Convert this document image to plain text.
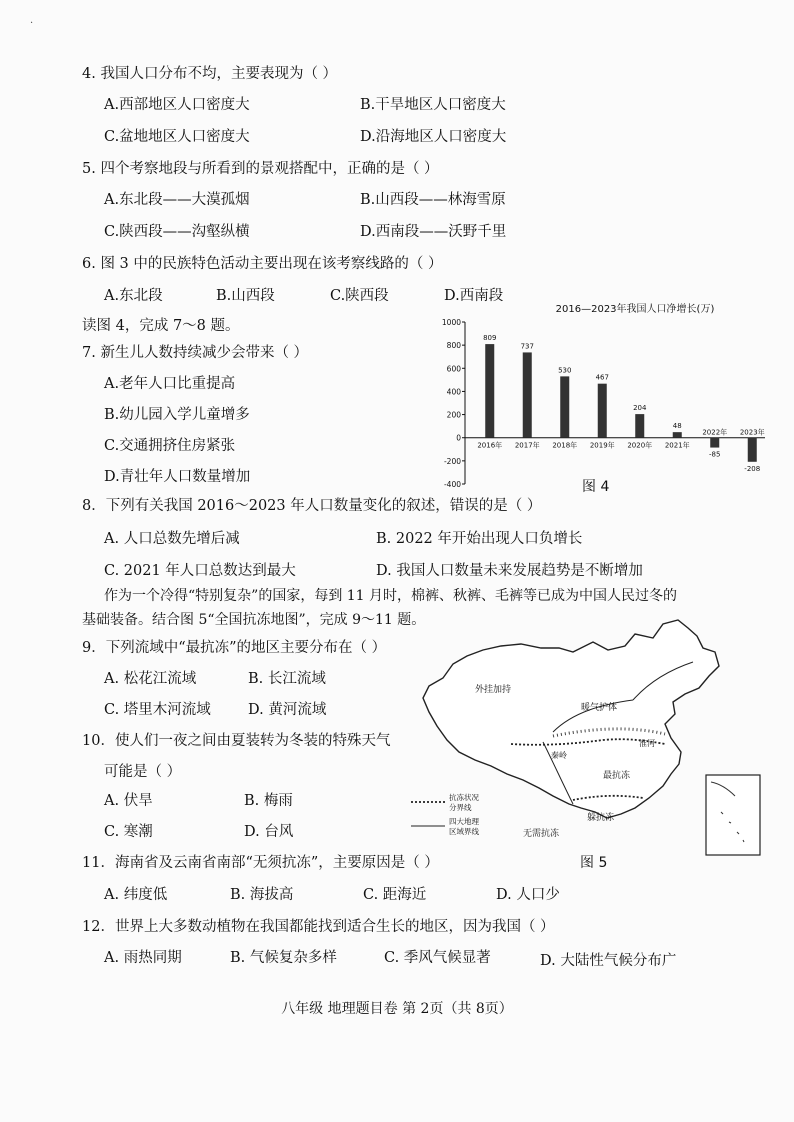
·
4. 我国人口分布不均，主要表现为（ ）
A.西部地区人口密度大	B.干旱地区人口密度大
C.盆地地区人口密度大	D.沿海地区人口密度大
5. 四个考察地段与所看到的景观搭配中，正确的是（ ）
A.东北段——大漠孤烟	B.山西段——林海雪原
C.陕西段——沟壑纵横	D.西南段——沃野千里
6. 图 3 中的民族特色活动主要出现在该考察线路的（ ）
A.东北段	B.山西段	C.陕西段	D.西南段
读图 4，完成 7～8 题。
7. 新生儿人数持续减少会带来（ ）
A.老年人口比重提高
B.幼儿园入学儿童增多
C.交通拥挤住房紧张
D.青壮年人口数量增加
2016—2023年我国人口净增长(万)
1000
800
600
400
200
0
-200
-400
809
2016年
737
2017年
530
2018年
467
2019年
204
2020年
48
2021年
-85
2022年
-208
2023年
图 4
8．下列有关我国 2016～2023 年人口数量变化的叙述，错误的是（ ）
A. 人口总数先增后减	B. 2022 年开始出现人口负增长
C. 2021 年人口总数达到最大	D. 我国人口数量未来发展趋势是不断增加
作为一个冷得“特别复杂”的国家，每到 11 月时，棉裤、秋裤、毛裤等已成为中国人民过冬的
基础装备。结合图 5“全国抗冻地图”，完成 9～11 题。
9．下列流域中“最抗冻”的地区主要分布在（ ）
A. 松花江流域	B. 长江流域
C. 塔里木河流域	D. 黄河流域
10．使人们一夜之间由夏装转为冬装的特殊天气
可能是（ ）
A. 伏旱	B. 梅雨
C. 寒潮	D. 台风
外挂加持
暖气护体
秦岭
淮河
最抗冻
无需抗冻
躲抗冻
抗冻状况
分界线
四大地理
区域界线
图 5
11．海南省及云南省南部“无须抗冻”，主要原因是（ ）
A. 纬度低	B. 海拔高	C. 距海近	D. 人口少
12．世界上大多数动植物在我国都能找到适合生长的地区，因为我国（ ）
A. 雨热同期	B. 气候复杂多样	C. 季风气候显著	D. 大陆性气候分布广
八年级 地理题目卷 第 2页（共 8页）
